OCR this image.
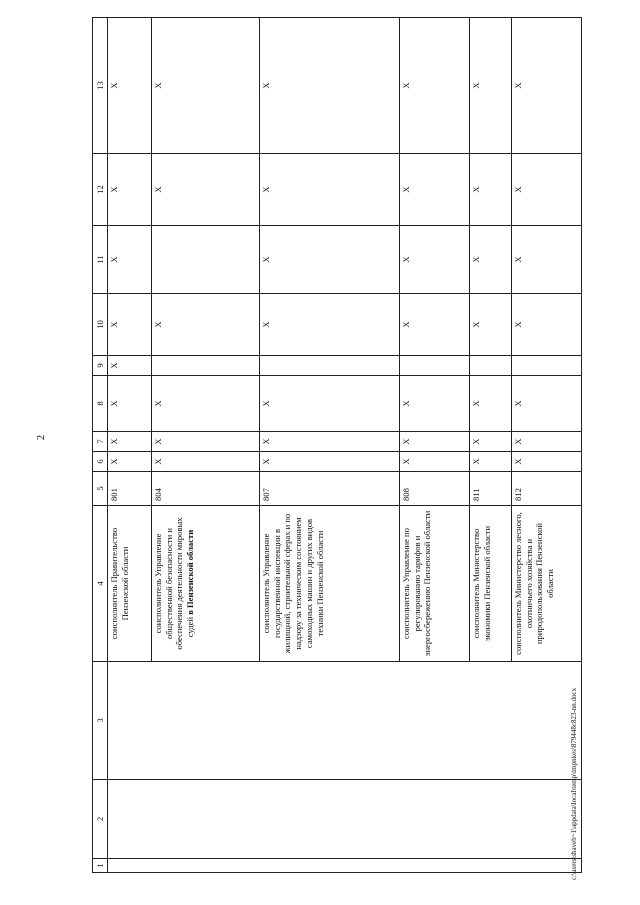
2
c:\users\shaveb~1\appdata\local\temp\tmpnkes\879448c823-nn.docx
1	2	3	4	5	6	7	8	9	10	11	12	13
			соисполнитель Правительство Пензенской области	801	X	X	X	X	X	X	X	X
			соисполнитель Управление общественной безопасности и обеспечения деятельности мировых судей в Пензенской области	804	X	X	X		X		X	X
			соисполнитель Управление государственной инспекции в жилищной, строительной сферах и по надзору за техническим состоянием самоходных машин и других видов техники Пензенской области	807	X	X	X		X	X	X	X
			соисполнитель Управление по регулированию тарифов и энергосбережению Пензенской области	808	X	X	X		X	X	X	X
			соисполнитель Министерство экономики Пензенской области	811	X	X	X		X	X	X	X
			соисполнитель Министерство лесного, охотничьего хозяйства и природопользования Пензенской области	812	X	X	X		X	X	X	X
